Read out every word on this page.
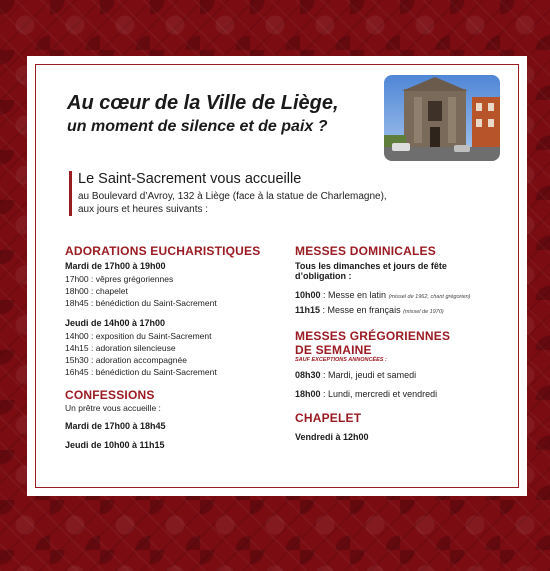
Au cœur de la Ville de Liège,

un moment de silence et de paix ?

Le Saint-Sacrement vous accueille

au Boulevard d’Avroy, 132 à Liège (face à la statue de Charlemagne),

aux jours et heures suivants :

ADORATIONS EUCHARISTIQUES

Mardi de 17h00 à 19h00

17h00 : vêpres grégoriennes

18h00 : chapelet

18h45 : bénédiction du Saint-Sacrement

Jeudi de 14h00 à 17h00

14h00 : exposition du Saint-Sacrement

14h15 : adoration silencieuse

15h30 : adoration accompagnée

16h45 : bénédiction du Saint-Sacrement

CONFESSIONS

Un prêtre vous accueille :

Mardi de 17h00 à 18h45

Jeudi de 10h00 à 11h15

MESSES DOMINICALES

Tous les dimanches et jours de fête

d’obligation :

10h00 : Messe en latin (missel de 1962, chant grégorien)

11h15 : Messe en français (missel de 1970)

MESSES GRÉGORIENNES

DE SEMAINE

SAUF EXCEPTIONS ANNONCÉES :

08h30 : Mardi, jeudi et samedi

18h00 : Lundi, mercredi et vendredi

CHAPELET

Vendredi à 12h00
